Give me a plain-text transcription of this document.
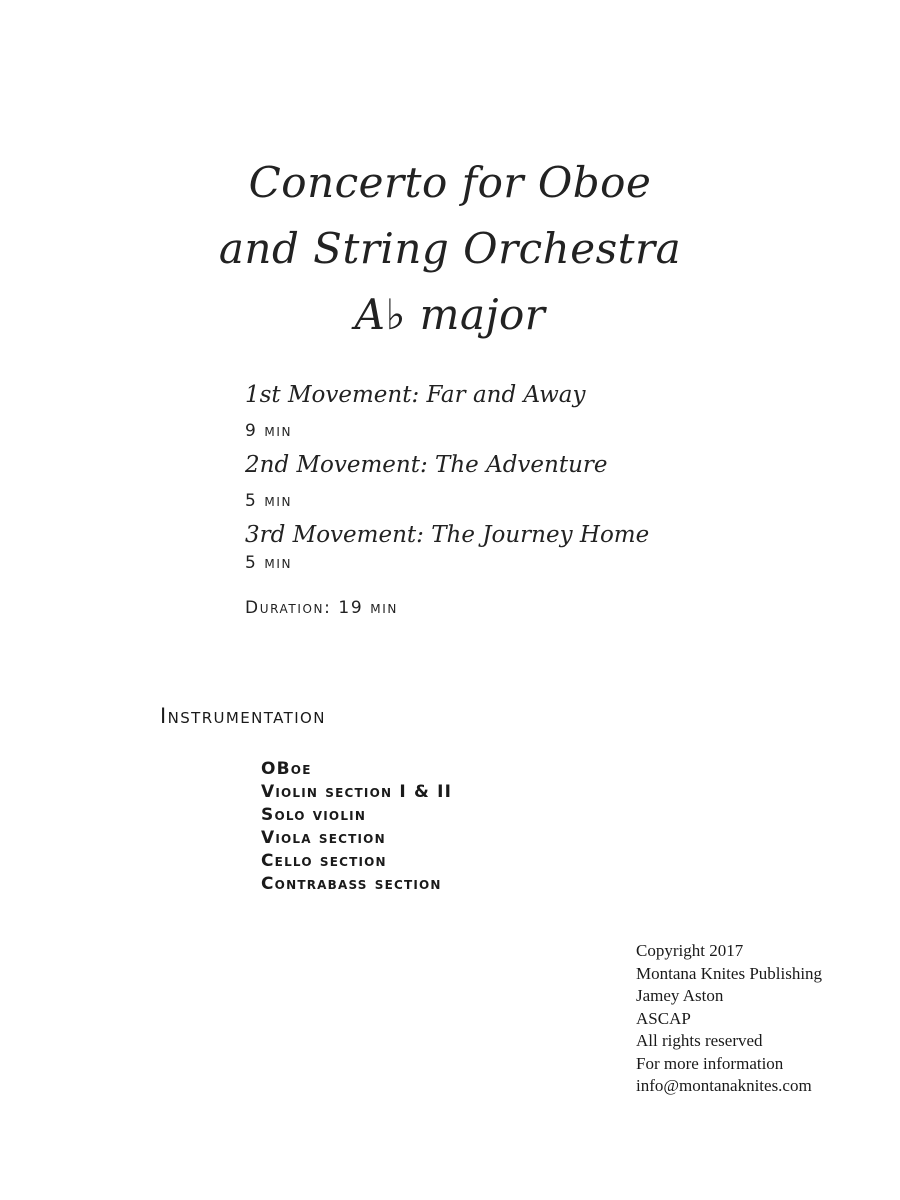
Concerto for Oboe
and String Orchestra
A♭ major
1st Movement: Far and Away
9 min
2nd Movement: The Adventure
5 min
3rd Movement: The Journey Home
5 min
Duration: 19 min
Instrumentation
OBoe
Violin section I & II
Solo violin
Viola section
Cello section
Contrabass section
Copyright 2017
Montana Knites Publishing
Jamey Aston
ASCAP
All rights reserved
For more information
info@montanaknites.com
